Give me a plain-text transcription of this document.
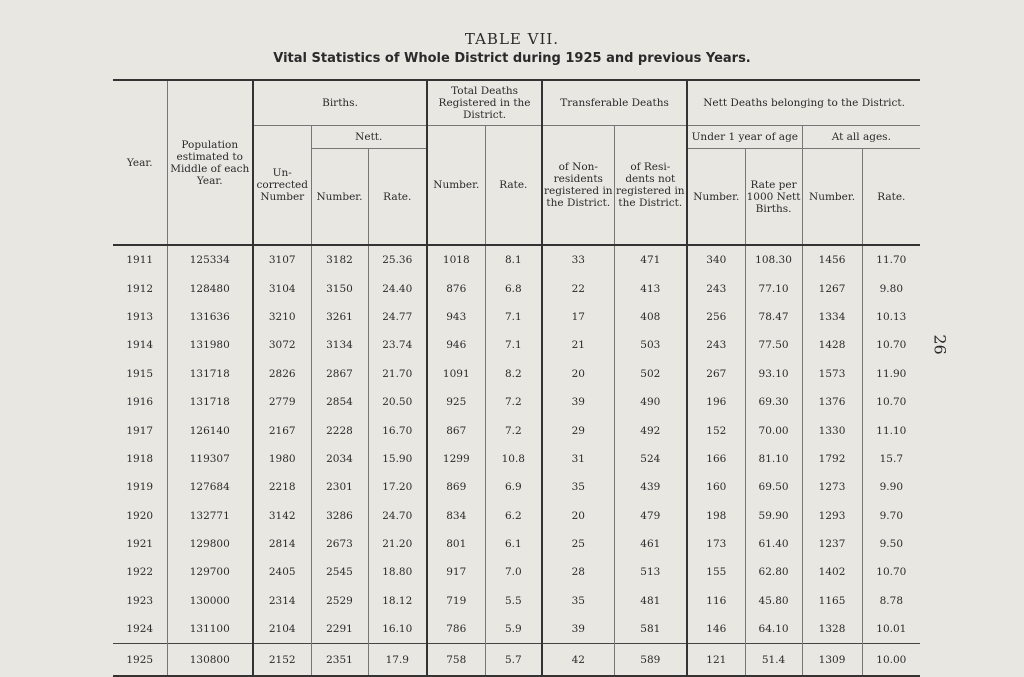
TABLE VII.
Vital Statistics of Whole District during 1925 and previous Years.
26
Year.	Population estimated to Middle of each Year.	Births.			Total Deaths Registered in the District.		Transferable Deaths		Nett Deaths belonging to the District.			
		Un- corrected Number	Nett.		Number.	Rate.	of Non- residents registered in the District.	of Resi- dents not registered in the District.	Under 1 year of age		At all ages.	
			Number.	Rate.					Number.	Rate per 1000 Nett Births.	Number.	Rate.
1911	125334	3107	3182	25.36	1018	8.1	33	471	340	108.30	1456	11.70
1912	128480	3104	3150	24.40	876	6.8	22	413	243	77.10	1267	9.80
1913	131636	3210	3261	24.77	943	7.1	17	408	256	78.47	1334	10.13
1914	131980	3072	3134	23.74	946	7.1	21	503	243	77.50	1428	10.70
1915	131718	2826	2867	21.70	1091	8.2	20	502	267	93.10	1573	11.90
1916	131718	2779	2854	20.50	925	7.2	39	490	196	69.30	1376	10.70
1917	126140	2167	2228	16.70	867	7.2	29	492	152	70.00	1330	11.10
1918	119307	1980	2034	15.90	1299	10.8	31	524	166	81.10	1792	15.7
1919	127684	2218	2301	17.20	869	6.9	35	439	160	69.50	1273	9.90
1920	132771	3142	3286	24.70	834	6.2	20	479	198	59.90	1293	9.70
1921	129800	2814	2673	21.20	801	6.1	25	461	173	61.40	1237	9.50
1922	129700	2405	2545	18.80	917	7.0	28	513	155	62.80	1402	10.70
1923	130000	2314	2529	18.12	719	5.5	35	481	116	45.80	1165	8.78
1924	131100	2104	2291	16.10	786	5.9	39	581	146	64.10	1328	10.01
1925	130800	2152	2351	17.9	758	5.7	42	589	121	51.4	1309	10.00
